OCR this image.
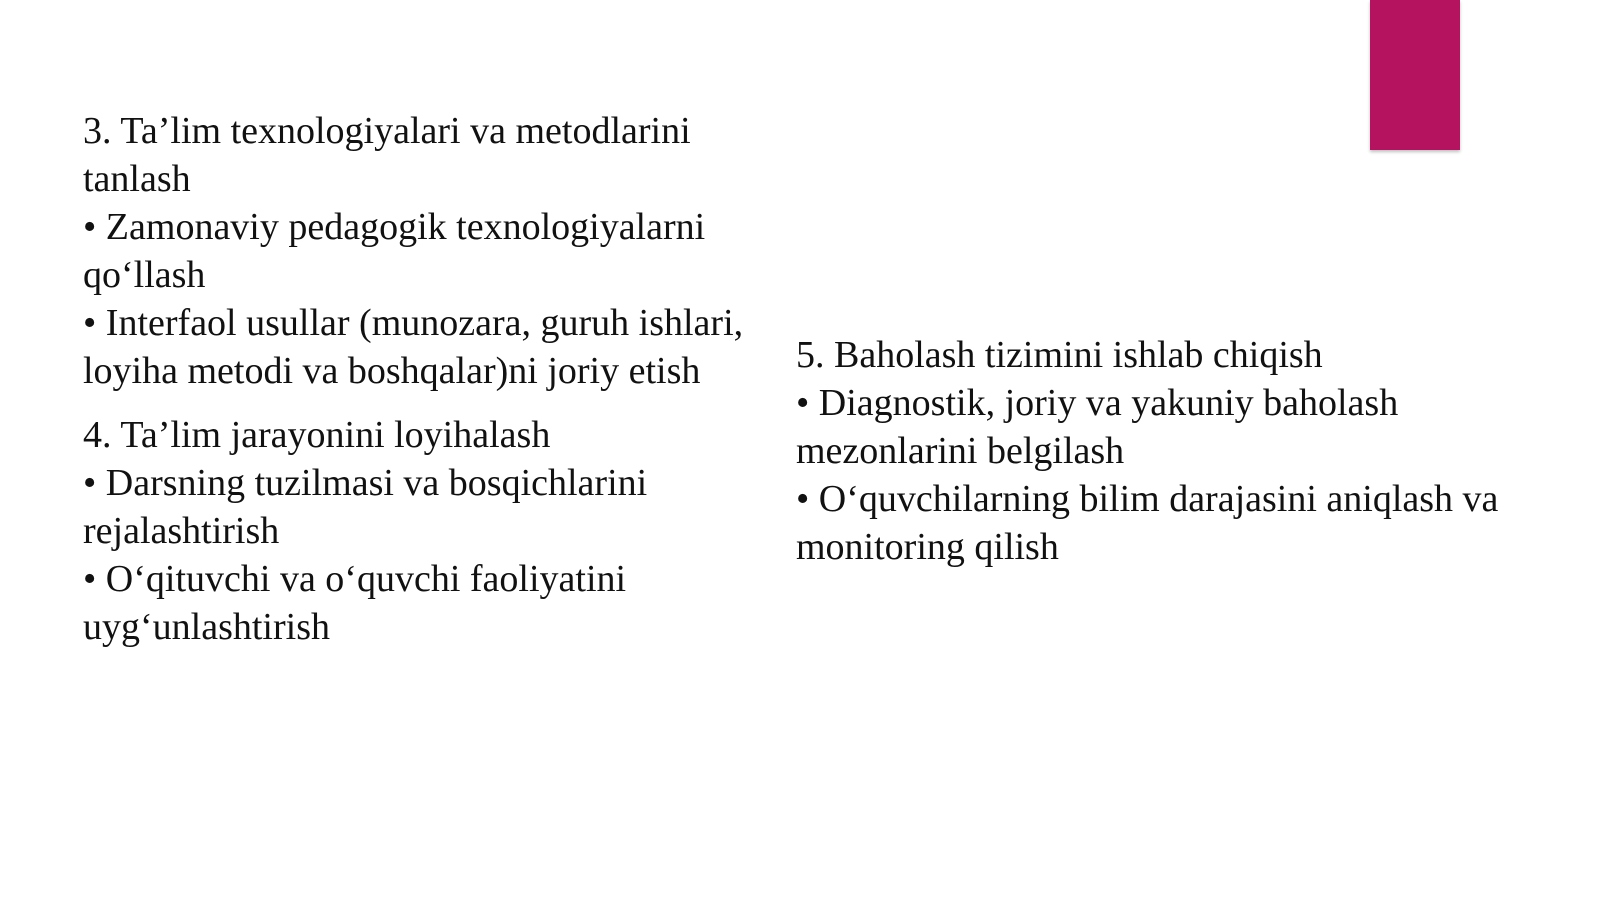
3. Ta’lim texnologiyalari va metodlarini tanlash

• Zamonaviy pedagogik texnologiyalarni qo‘llash

• Interfaol usullar (munozara, guruh ishlari, loyiha metodi va boshqalar)ni joriy etish

4. Ta’lim jarayonini loyihalash

• Darsning tuzilmasi va bosqichlarini rejalashtirish

• O‘qituvchi va o‘quvchi faoliyatini uyg‘unlashtirish

5. Baholash tizimini ishlab chiqish

• Diagnostik, joriy va yakuniy baholash mezonlarini belgilash

• O‘quvchilarning bilim darajasini aniqlash va monitoring qilish
